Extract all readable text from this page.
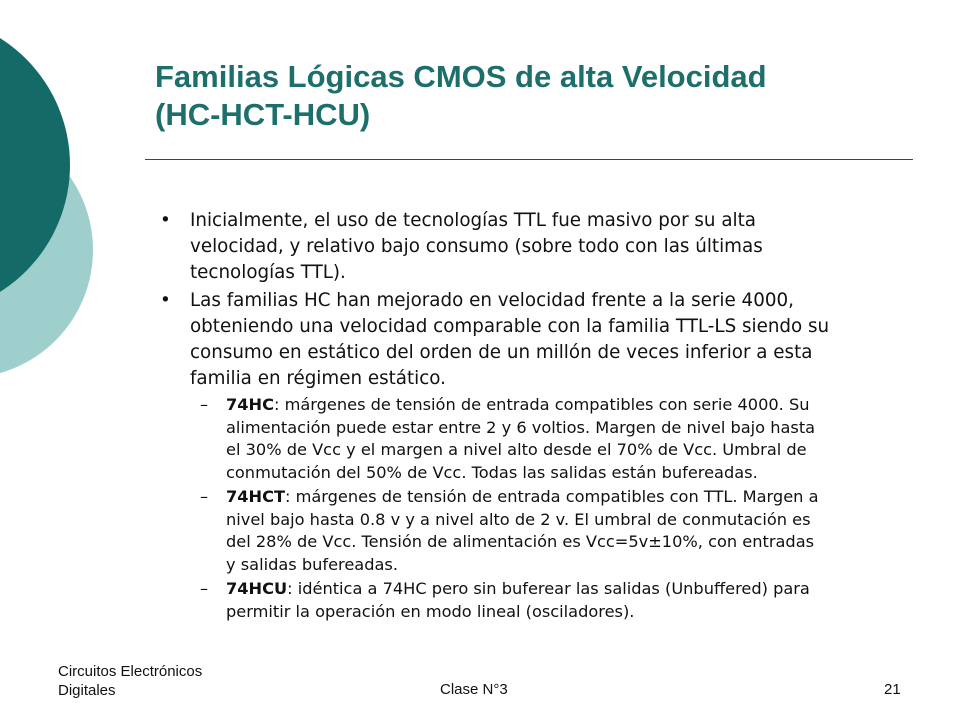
Familias Lógicas CMOS de alta Velocidad
(HC-HCT-HCU)
• Inicialmente, el uso de tecnologías TTL fue masivo por su alta
velocidad, y relativo bajo consumo (sobre todo con las últimas
tecnologías TTL).
• Las familias HC han mejorado en velocidad frente a la serie 4000,
obteniendo una velocidad comparable con la familia TTL-LS siendo su
consumo en estático del orden de un millón de veces inferior a esta
familia en régimen estático.
– 74HC: márgenes de tensión de entrada compatibles con serie 4000. Su
alimentación puede estar entre 2 y 6 voltios. Margen de nivel bajo hasta
el 30% de Vcc y el margen a nivel alto desde el 70% de Vcc. Umbral de
conmutación del 50% de Vcc. Todas las salidas están bufereadas.
– 74HCT: márgenes de tensión de entrada compatibles con TTL. Margen a
nivel bajo hasta 0.8 v y a nivel alto de 2 v. El umbral de conmutación es
del 28% de Vcc. Tensión de alimentación es Vcc=5v±10%, con entradas
y salidas bufereadas.
– 74HCU: idéntica a 74HC pero sin buferear las salidas (Unbuffered) para
permitir la operación en modo lineal (osciladores).
Circuitos Electrónicos
Digitales	Clase N°3	21
